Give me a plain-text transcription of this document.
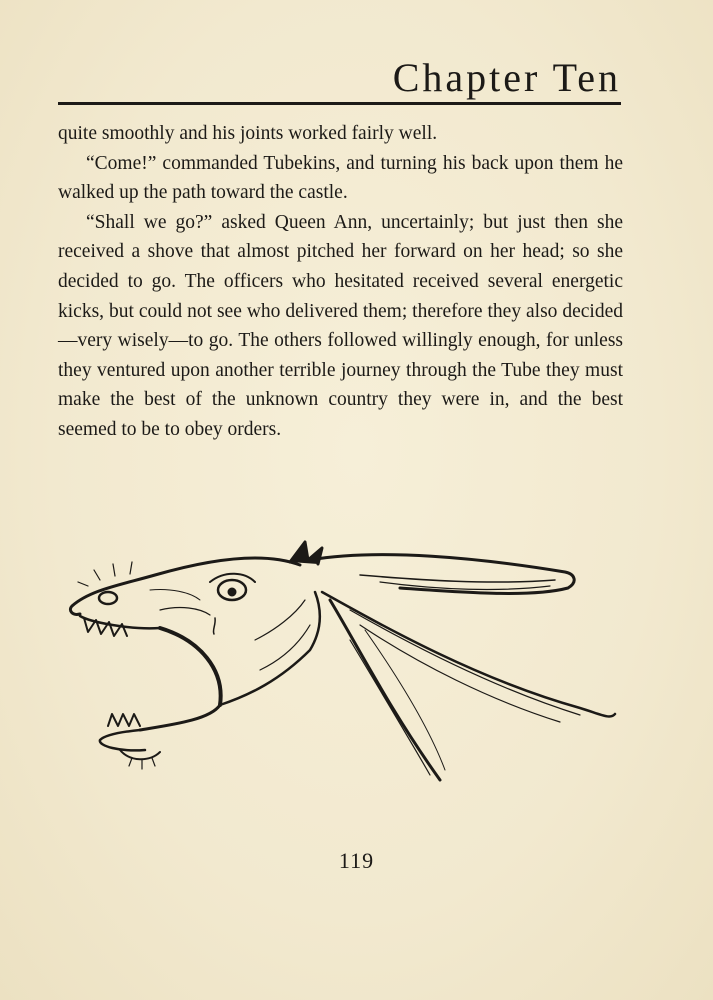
Chapter Ten

quite smoothly and his joints worked fairly well.

“Come!” commanded Tubekins, and turning his back upon them he walked up the path toward the castle.

“Shall we go?” asked Queen Ann, uncertainly; but just then she received a shove that almost pitched her forward on her head; so she decided to go. The officers who hesitated received several energetic kicks, but could not see who delivered them; therefore they also decided—very wisely—to go. The others followed willingly enough, for unless they ventured upon another terrible journey through the Tube they must make the best of the unknown country they were in, and the best seemed to be to obey orders.

119
